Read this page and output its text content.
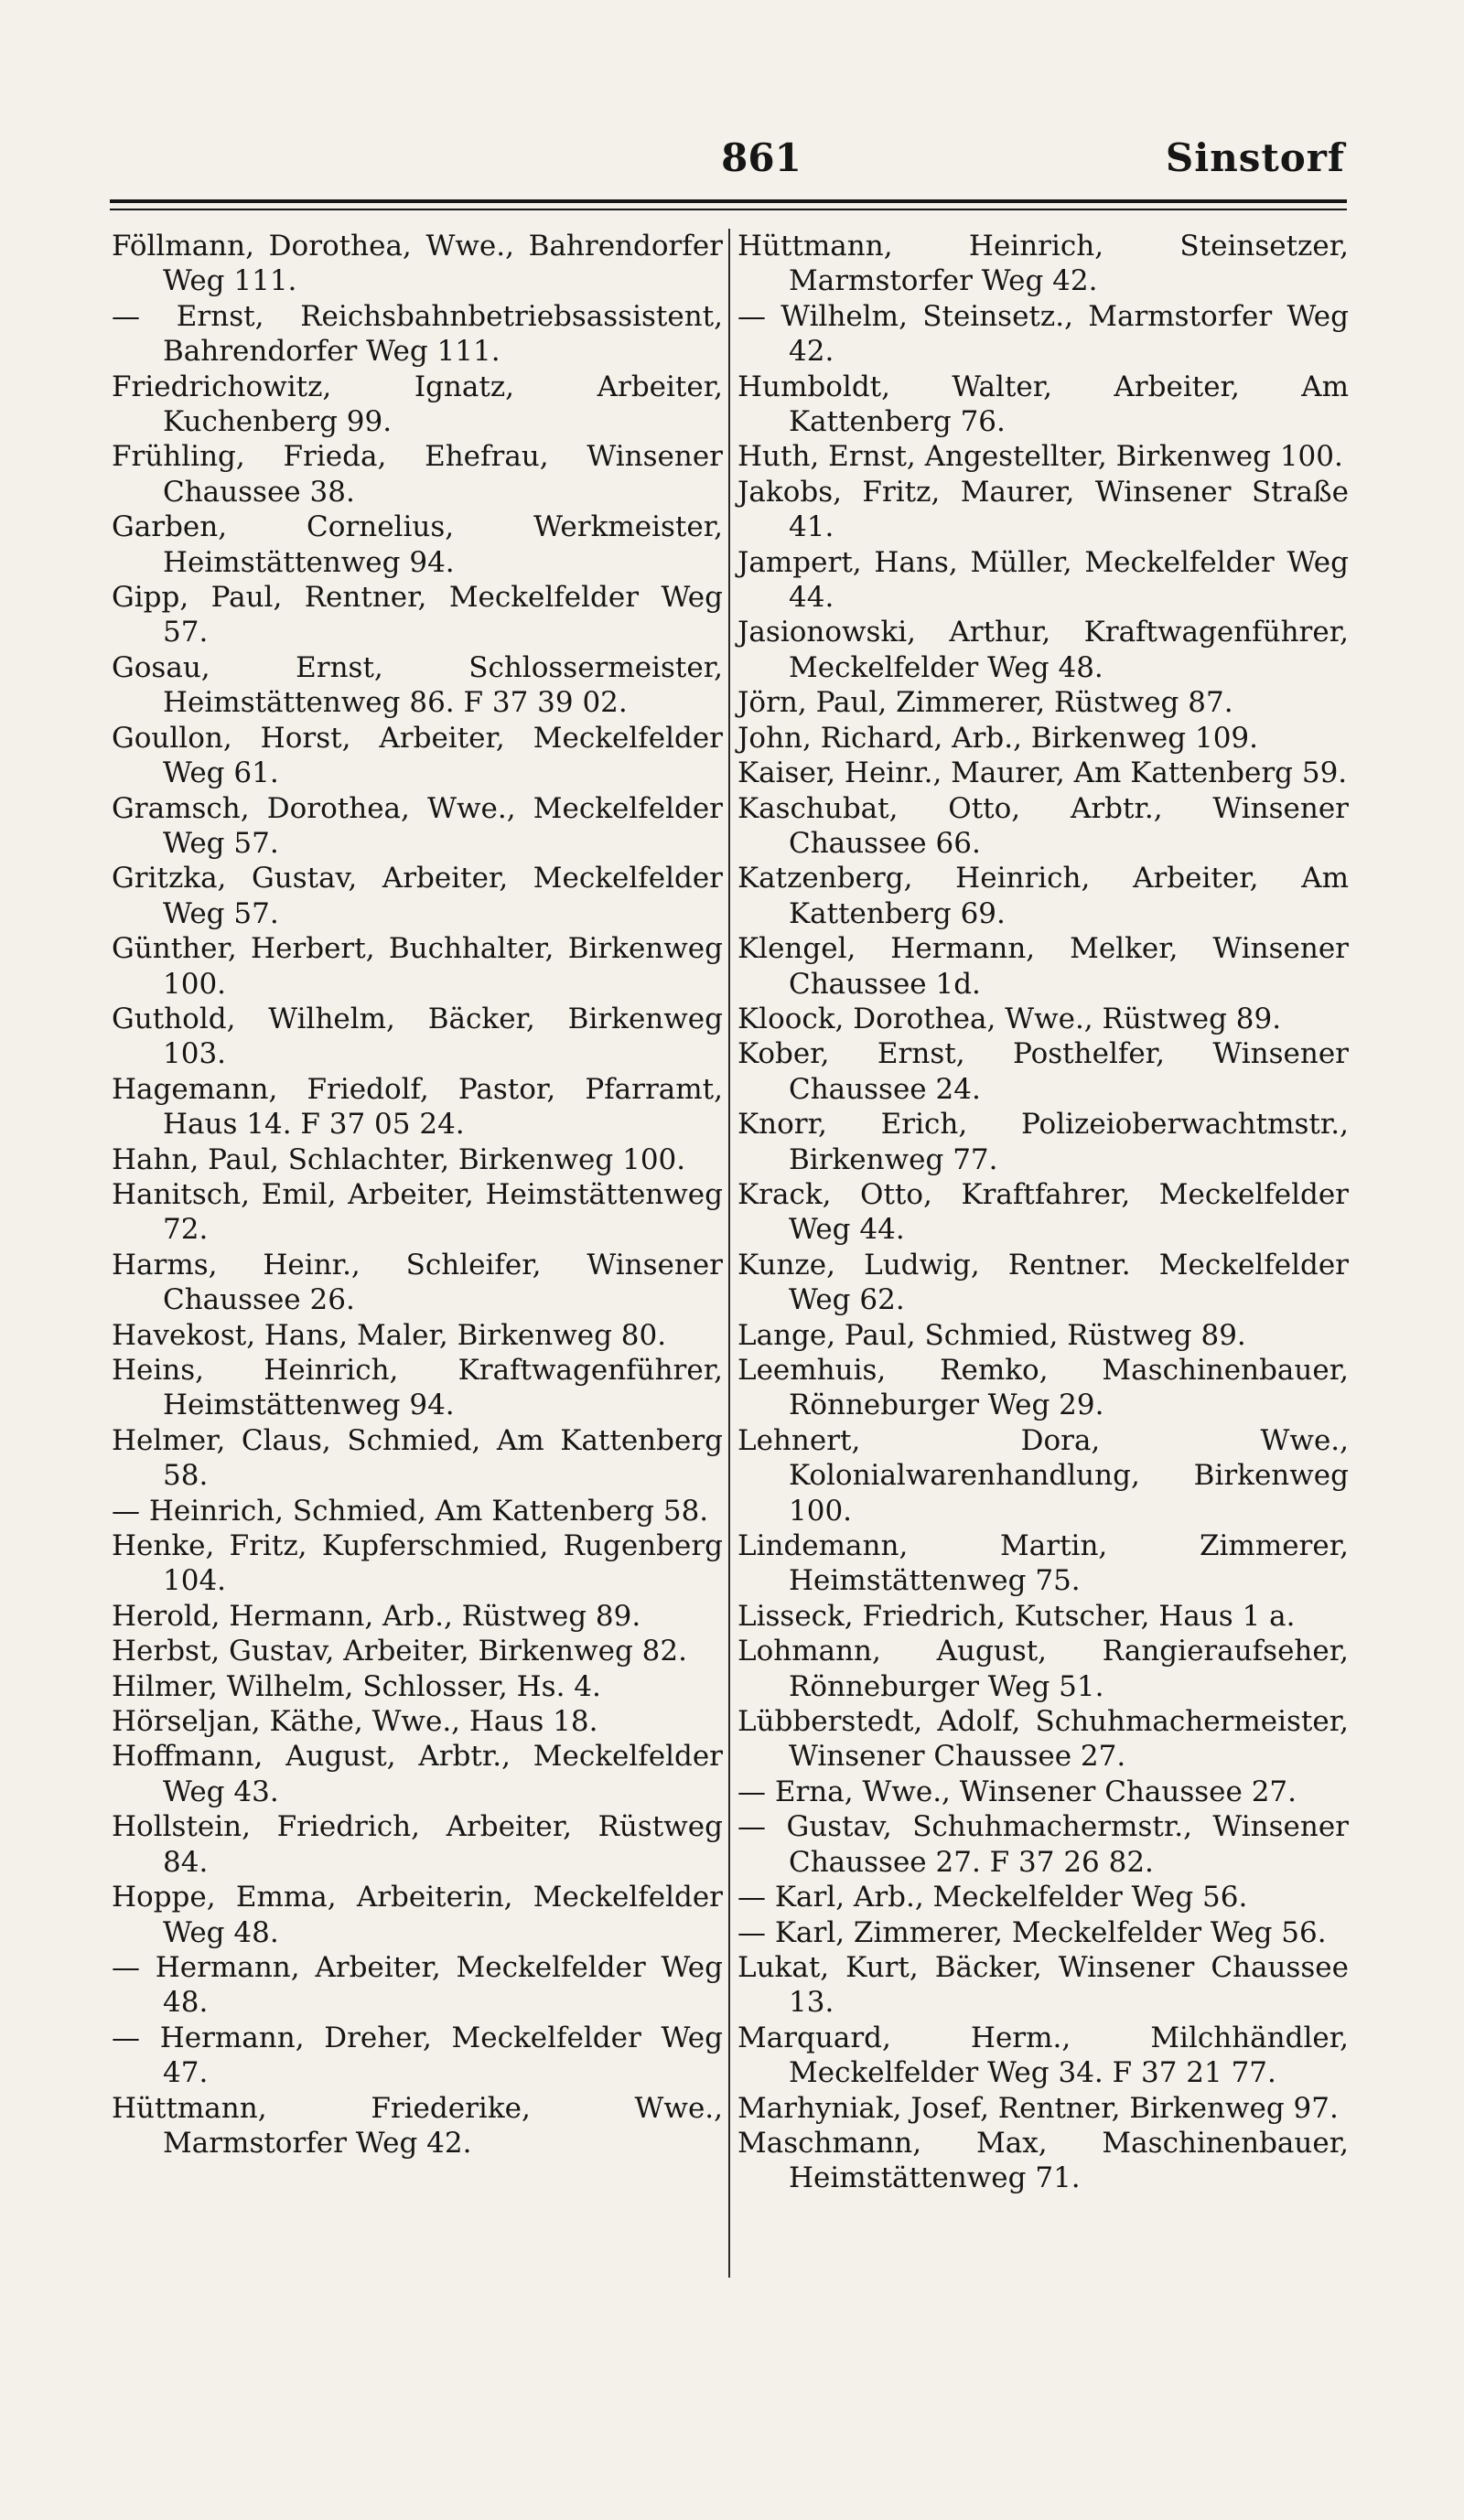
861	Sinstorf
Föllmann, Dorothea, Wwe., Bahrendorfer Weg 111.
— Ernst, Reichsbahnbetriebsassistent, Bahrendorfer Weg 111.
Friedrichowitz, Ignatz, Arbeiter, Kuchenberg 99.
Frühling, Frieda, Ehefrau, Winsener Chaussee 38.
Garben, Cornelius, Werkmeister, Heimstättenweg 94.
Gipp, Paul, Rentner, Meckelfelder Weg 57.
Gosau, Ernst, Schlossermeister, Heimstättenweg 86. F 37 39 02.
Goullon, Horst, Arbeiter, Meckelfelder Weg 61.
Gramsch, Dorothea, Wwe., Meckelfelder Weg 57.
Gritzka, Gustav, Arbeiter, Meckelfelder Weg 57.
Günther, Herbert, Buchhalter, Birkenweg 100.
Guthold, Wilhelm, Bäcker, Birkenweg 103.
Hagemann, Friedolf, Pastor, Pfarramt, Haus 14. F 37 05 24.
Hahn, Paul, Schlachter, Birkenweg 100.
Hanitsch, Emil, Arbeiter, Heimstättenweg 72.
Harms, Heinr., Schleifer, Winsener Chaussee 26.
Havekost, Hans, Maler, Birkenweg 80.
Heins, Heinrich, Kraftwagenführer, Heimstättenweg 94.
Helmer, Claus, Schmied, Am Kattenberg 58.
— Heinrich, Schmied, Am Kattenberg 58.
Henke, Fritz, Kupferschmied, Rugenberg 104.
Herold, Hermann, Arb., Rüstweg 89.
Herbst, Gustav, Arbeiter, Birkenweg 82.
Hilmer, Wilhelm, Schlosser, Hs. 4.
Hörseljan, Käthe, Wwe., Haus 18.
Hoffmann, August, Arbtr., Meckelfelder Weg 43.
Hollstein, Friedrich, Arbeiter, Rüstweg 84.
Hoppe, Emma, Arbeiterin, Meckelfelder Weg 48.
— Hermann, Arbeiter, Meckelfelder Weg 48.
— Hermann, Dreher, Meckelfelder Weg 47.
Hüttmann, Friederike, Wwe., Marmstorfer Weg 42.
Hüttmann, Heinrich, Steinsetzer, Marmstorfer Weg 42.
— Wilhelm, Steinsetz., Marmstorfer Weg 42.
Humboldt, Walter, Arbeiter, Am Kattenberg 76.
Huth, Ernst, Angestellter, Birkenweg 100.
Jakobs, Fritz, Maurer, Winsener Straße 41.
Jampert, Hans, Müller, Meckelfelder Weg 44.
Jasionowski, Arthur, Kraftwagenführer, Meckelfelder Weg 48.
Jörn, Paul, Zimmerer, Rüstweg 87.
John, Richard, Arb., Birkenweg 109.
Kaiser, Heinr., Maurer, Am Kattenberg 59.
Kaschubat, Otto, Arbtr., Winsener Chaussee 66.
Katzenberg, Heinrich, Arbeiter, Am Kattenberg 69.
Klengel, Hermann, Melker, Winsener Chaussee 1d.
Kloock, Dorothea, Wwe., Rüstweg 89.
Kober, Ernst, Posthelfer, Winsener Chaussee 24.
Knorr, Erich, Polizeioberwachtmstr., Birkenweg 77.
Krack, Otto, Kraftfahrer, Meckelfelder Weg 44.
Kunze, Ludwig, Rentner. Meckelfelder Weg 62.
Lange, Paul, Schmied, Rüstweg 89.
Leemhuis, Remko, Maschinenbauer, Rönneburger Weg 29.
Lehnert, Dora, Wwe., Kolonialwarenhandlung, Birkenweg 100.
Lindemann, Martin, Zimmerer, Heimstättenweg 75.
Lisseck, Friedrich, Kutscher, Haus 1 a.
Lohmann, August, Rangieraufseher, Rönneburger Weg 51.
Lübberstedt, Adolf, Schuhmachermeister, Winsener Chaussee 27.
— Erna, Wwe., Winsener Chaussee 27.
— Gustav, Schuhmachermstr., Winsener Chaussee 27. F 37 26 82.
— Karl, Arb., Meckelfelder Weg 56.
— Karl, Zimmerer, Meckelfelder Weg 56.
Lukat, Kurt, Bäcker, Winsener Chaussee 13.
Marquard, Herm., Milchhändler, Meckelfelder Weg 34. F 37 21 77.
Marhyniak, Josef, Rentner, Birkenweg 97.
Maschmann, Max, Maschinenbauer, Heimstättenweg 71.
